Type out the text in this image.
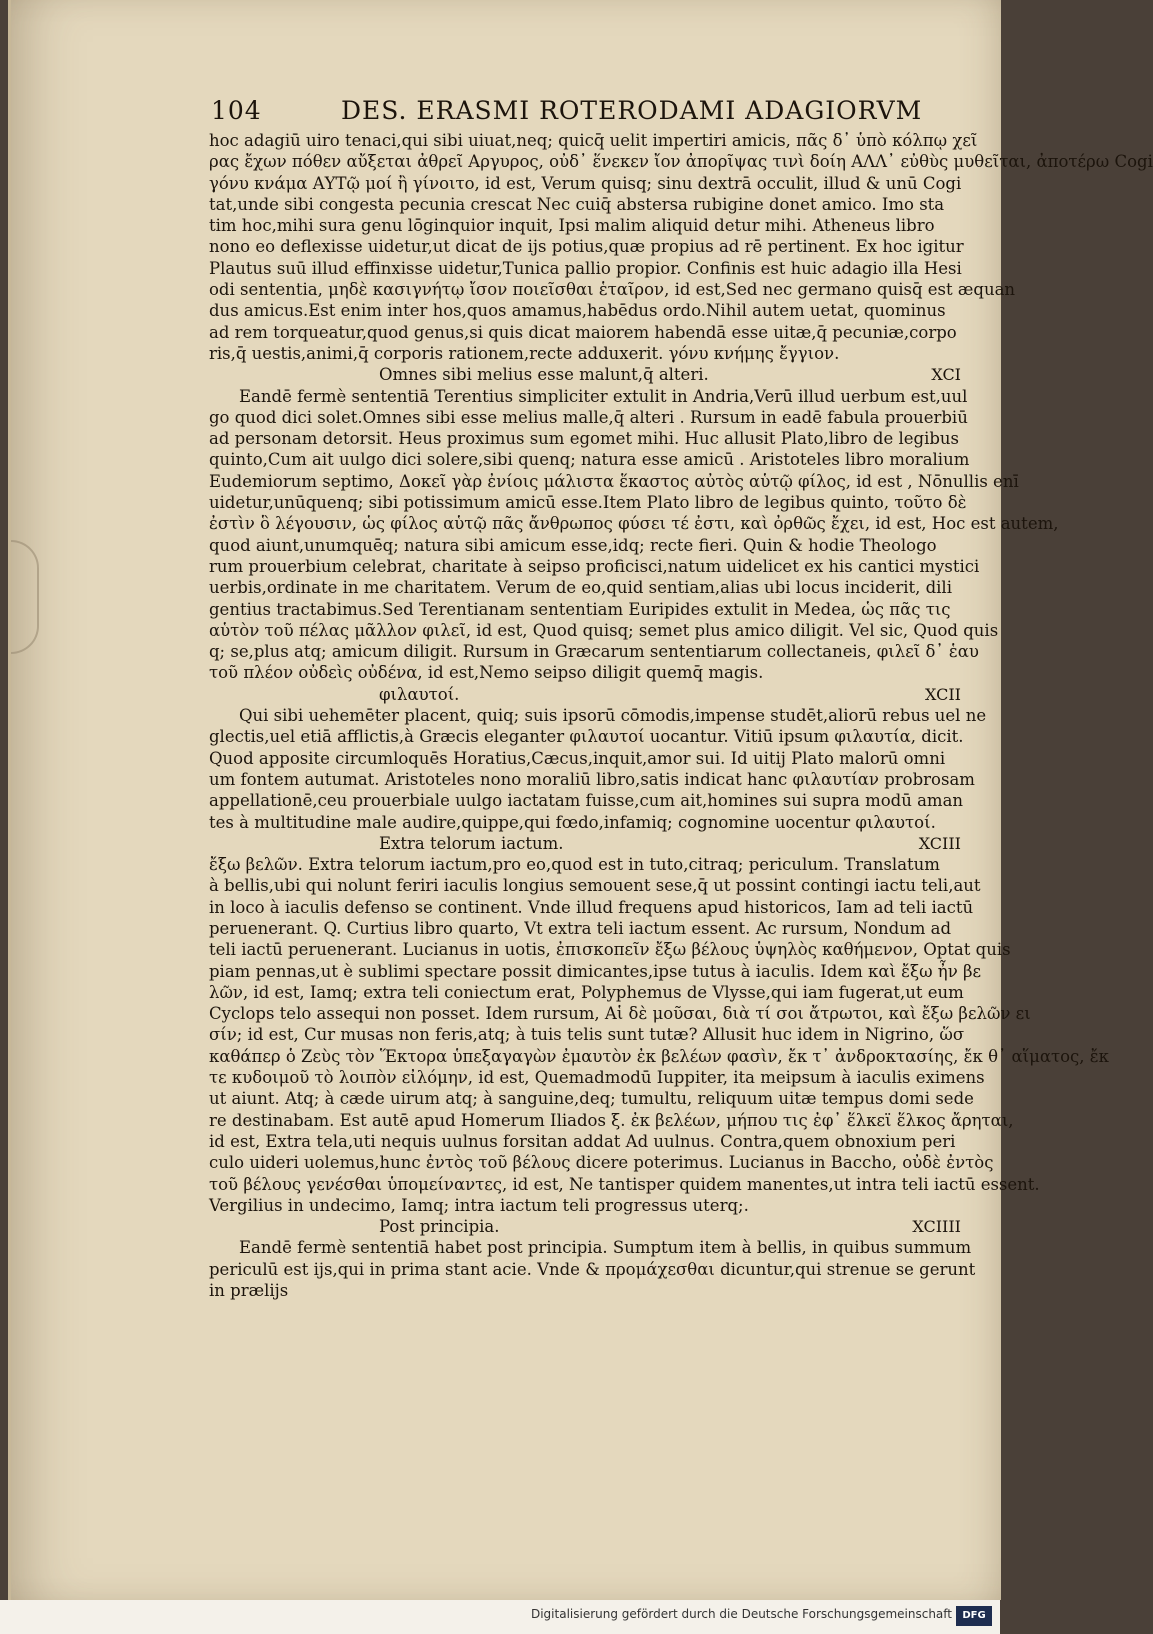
104	DES. ERASMI ROTERODAMI ADAGIORVM
hoc adagiū uiro tenaci,qui sibi uiuat,neq; quicq̄ uelit impertiri amicis, πᾶς δ᾽ ὑπὸ κόλπῳ χεῖ
ρας ἔχων πόθεν αὔξεται ἀθρεῖ Αργυρος, οὐδ᾽ ἕνεκεν ἴον ἀπορῖψας τινὶ δοίη ΑΛΛ᾽ εὐθὺς μυθεῖται, ἀποτέρω Cogi
γόνυ κνάμα ΑΥΤῷ μοί ἢ γίνοιτο, id est, Verum quisq; sinu dextrā occulit, illud & unū Cogi
tat,unde sibi congesta pecunia crescat Nec cuiq̄ abstersa rubigine donet amico. Imo sta
tim hoc,mihi sura genu lōginquior inquit, Ipsi malim aliquid detur mihi. Atheneus libro
nono eo deflexisse uidetur,ut dicat de ijs potius,quæ propius ad rē pertinent. Ex hoc igitur
Plautus suū illud effinxisse uidetur,Tunica pallio propior. Confinis est huic adagio illa Hesi
odi sententia, μηδὲ κασιγνήτῳ ἴσον ποιεῖσθαι ἑταῖρον, id est,Sed nec germano quisq̄ est æquan
dus amicus.Est enim inter hos,quos amamus,habēdus ordo.Nihil autem uetat, quominus
ad rem torqueatur,quod genus,si quis dicat maiorem habendā esse uitæ,q̄ pecuniæ,corpo
ris,q̄ uestis,animi,q̄ corporis rationem,recte adduxerit. γόνυ κνήμης ἔγγιον.
Omnes sibi melius esse malunt,q̄ alteri.	XCI
Eandē fermè sententiā Terentius simpliciter extulit in Andria,Verū illud uerbum est,uul
go quod dici solet.Omnes sibi esse melius malle,q̄ alteri . Rursum in eadē fabula prouerbiū
ad personam detorsit. Heus proximus sum egomet mihi. Huc allusit Plato,libro de legibus
quinto,Cum ait uulgo dici solere,sibi quenq; natura esse amicū . Aristoteles libro moralium
Eudemiorum septimo, Δοκεῖ γὰρ ἐνίοις μάλιστα ἕκαστος αὐτὸς αὑτῷ φίλος, id est , Nōnullis enī
uidetur,unūquenq; sibi potissimum amicū esse.Item Plato libro de legibus quinto, τοῦτο δὲ
ἐστὶν ὃ λέγουσιν, ὡς φίλος αὑτῷ πᾶς ἄνθρωπος φύσει τέ ἐστι, καὶ ὀρθῶς ἔχει, id est, Hoc est autem,
quod aiunt,unumquēq; natura sibi amicum esse,idq; recte fieri. Quin & hodie Theologo
rum prouerbium celebrat, charitate à seipso proficisci,natum uidelicet ex his cantici mystici
uerbis,ordinate in me charitatem. Verum de eo,quid sentiam,alias ubi locus inciderit, dili
gentius tractabimus.Sed Terentianam sententiam Euripides extulit in Medea, ὡς πᾶς τις
αὑτὸν τοῦ πέλας μᾶλλον φιλεῖ, id est, Quod quisq; semet plus amico diligit. Vel sic, Quod quis
q; se,plus atq; amicum diligit. Rursum in Græcarum sententiarum collectaneis, φιλεῖ δ᾽ ἑαυ
τοῦ πλέον οὐδεὶς οὐδένα, id est,Nemo seipso diligit quemq̄ magis.
φιλαυτοί.	XCII
Qui sibi uehemēter placent, quiq; suis ipsorū cōmodis,impense studēt,aliorū rebus uel ne
glectis,uel etiā afflictis,à Græcis eleganter φιλαυτοί uocantur. Vitiū ipsum φιλαυτία, dicit.
Quod apposite circumloquēs Horatius,Cæcus,inquit,amor sui. Id uitij Plato malorū omni
um fontem autumat. Aristoteles nono moraliū libro,satis indicat hanc φιλαυτίαν probrosam
appellationē,ceu prouerbiale uulgo iactatam fuisse,cum ait,homines sui supra modū aman
tes à multitudine male audire,quippe,qui fœdo,infamiq; cognomine uocentur φιλαυτοί.
Extra telorum iactum.	XCIII
ἔξω βελῶν. Extra telorum iactum,pro eo,quod est in tuto,citraq; periculum. Translatum
à bellis,ubi qui nolunt feriri iaculis longius semouent sese,q̄ ut possint contingi iactu teli,aut
in loco à iaculis defenso se continent. Vnde illud frequens apud historicos, Iam ad teli iactū
peruenerant. Q. Curtius libro quarto, Vt extra teli iactum essent. Ac rursum, Nondum ad
teli iactū peruenerant. Lucianus in uotis, ἐπισκοπεῖν ἔξω βέλους ὑψηλὸς καθήμενον, Optat quis
piam pennas,ut è sublimi spectare possit dimicantes,ipse tutus à iaculis. Idem καὶ ἔξω ἦν βε
λῶν, id est, Iamq; extra teli coniectum erat, Polyphemus de Vlysse,qui iam fugerat,ut eum
Cyclops telo assequi non posset. Idem rursum, Αἱ δὲ μοῦσαι, διὰ τί σοι ἄτρωτοι, καὶ ἔξω βελῶν ει
σίν; id est, Cur musas non feris,atq; à tuis telis sunt tutæ? Allusit huc idem in Nigrino, ὥσ
καθάπερ ὁ Ζεὺς τὸν Ἕκτορα ὑπεξαγαγὼν ἐμαυτὸν ἐκ βελέων φασὶν, ἔκ τ᾽ ἀνδροκτασίης, ἔκ θ᾽ αἵματος, ἔκ
τε κυδοιμοῦ τὸ λοιπὸν εἰλόμην, id est, Quemadmodū Iuppiter, ita meipsum à iaculis eximens
ut aiunt. Atq; à cæde uirum atq; à sanguine,deq; tumultu, reliquum uitæ tempus domi sede
re destinabam. Est autē apud Homerum Iliados ξ. ἐκ βελέων, μήπου τις ἐφ᾽ ἕλκεϊ ἕλκος ἄρηται,
id est, Extra tela,uti nequis uulnus forsitan addat Ad uulnus. Contra,quem obnoxium peri
culo uideri uolemus,hunc ἐντὸς τοῦ βέλους dicere poterimus. Lucianus in Baccho, οὐδὲ ἐντὸς
τοῦ βέλους γενέσθαι ὑπομείναντες, id est, Ne tantisper quidem manentes,ut intra teli iactū essent.
Vergilius in undecimo, Iamq; intra iactum teli progressus uterq;.
Post principia.	XCIIII
Eandē fermè sententiā habet post principia. Sumptum item à bellis, in quibus summum
periculū est ijs,qui in prima stant acie. Vnde & προμάχεσθαι dicuntur,qui strenue se gerunt
in prælijs
Digitalisierung gefördert durch die Deutsche Forschungsgemeinschaft	DFG
